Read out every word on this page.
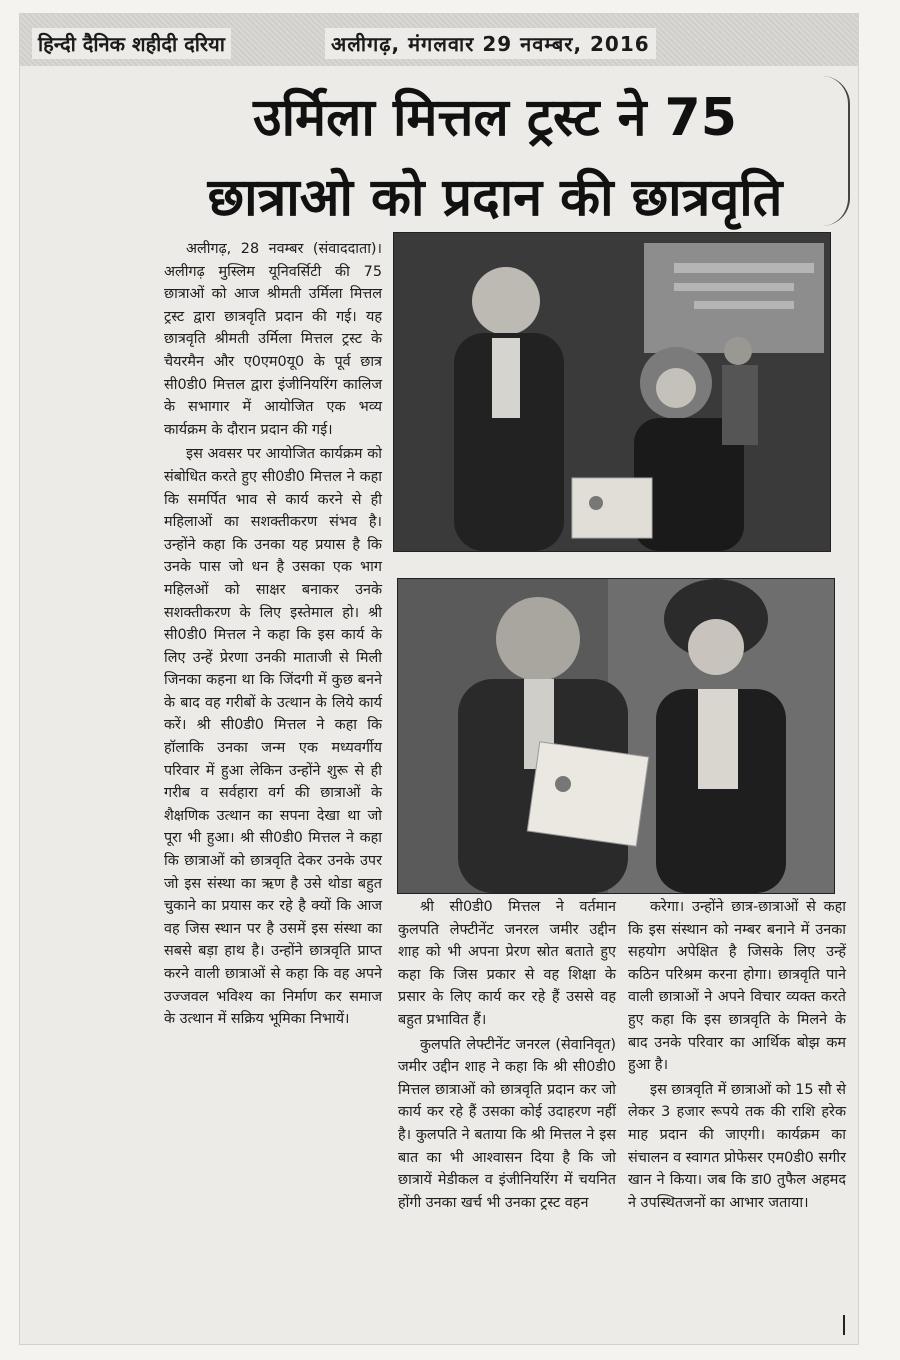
हिन्दी दैनिक शहीदी दरिया	अलीगढ़, मंगलवार 29 नवम्बर, 2016
उर्मिला मित्तल ट्रस्ट ने 75
छात्राओ को प्रदान की छात्रवृति

अलीगढ़, 28 नवम्बर (संवाददाता)। अलीगढ़ मुस्लिम यूनिवर्सिटी की 75 छात्राओं को आज श्रीमती उर्मिला मित्तल ट्रस्ट द्वारा छात्रवृति प्रदान की गई। यह छात्रवृति श्रीमती उर्मिला मित्तल ट्रस्ट के चैयरमैन और ए0एम0यू0 के पूर्व छात्र सी0डी0 मित्तल द्वारा इंजीनियरिंग कालिज के सभागार में आयोजित एक भव्य कार्यक्रम के दौरान प्रदान की गई।

इस अवसर पर आयोजित कार्यक्रम को संबोधित करते हुए सी0डी0 मित्तल ने कहा कि समर्पित भाव से कार्य करने से ही महिलाओं का सशक्तीकरण संभव है। उन्होंने कहा कि उनका यह प्रयास है कि उनके पास जो धन है उसका एक भाग महिलओं को साक्षर बनाकर उनके सशक्तीकरण के लिए इस्तेमाल हो। श्री सी0डी0 मित्तल ने कहा कि इस कार्य के लिए उन्हें प्रेरणा उनकी माताजी से मिली जिनका कहना था कि जिंदगी में कुछ बनने के बाद वह गरीबों के उत्थान के लिये कार्य करें। श्री सी0डी0 मित्तल ने कहा कि हॉलाकि उनका जन्म एक मध्यवर्गीय परिवार में हुआ लेकिन उन्होंने शुरू से ही गरीब व सर्वहारा वर्ग की छात्राओं के शैक्षणिक उत्थान का सपना देखा था जो पूरा भी हुआ। श्री सी0डी0 मित्तल ने कहा कि छात्राओं को छात्रवृति देकर उनके उपर जो इस संस्था का ऋण है उसे थोडा बहुत चुकाने का प्रयास कर रहे है क्यों कि आज वह जिस स्थान पर है उसमें इस संस्था का सबसे बड़ा हाथ है। उन्होंने छात्रवृति प्राप्त करने वाली छात्राओं से कहा कि वह अपने उज्जवल भविश्य का निर्माण कर समाज के उत्थान में सक्रिय भूमिका निभायें।

श्री सी0डी0 मित्तल ने वर्तमान कुलपति लेफ्टीनेंट जनरल जमीर उद्दीन शाह को भी अपना प्रेरण स्रोत बताते हुए कहा कि जिस प्रकार से वह शिक्षा के प्रसार के लिए कार्य कर रहे हैं उससे वह बहुत प्रभावित हैं।

कुलपति लेफ्टीनेंट जनरल (सेवानिवृत) जमीर उद्दीन शाह ने कहा कि श्री सी0डी0 मित्तल छात्राओं को छात्रवृति प्रदान कर जो कार्य कर रहे हैं उसका कोई उदाहरण नहीं है। कुलपति ने बताया कि श्री मित्तल ने इस बात का भी आश्वासन दिया है कि जो छात्रायें मेडीकल व इंजीनियरिंग में चयनित होंगी उनका खर्च भी उनका ट्रस्ट वहन

करेगा। उन्होंने छात्र-छात्राओं से कहा कि इस संस्थान को नम्बर बनाने में उनका सहयोग अपेक्षित है जिसके लिए उन्हें कठिन परिश्रम करना होगा। छात्रवृति पाने वाली छात्राओं ने अपने विचार व्यक्त करते हुए कहा कि इस छात्रवृति के मिलने के बाद उनके परिवार का आर्थिक बोझ कम हुआ है।

इस छात्रवृति में छात्राओं को 15 सौ से लेकर 3 हजार रूपये तक की राशि हरेक माह प्रदान की जाएगी। कार्यक्रम का संचालन व स्वागत प्रोफेसर एम0डी0 सगीर खान ने किया। जब कि डा0 तुफैल अहमद ने उपस्थितजनों का आभार जताया।
